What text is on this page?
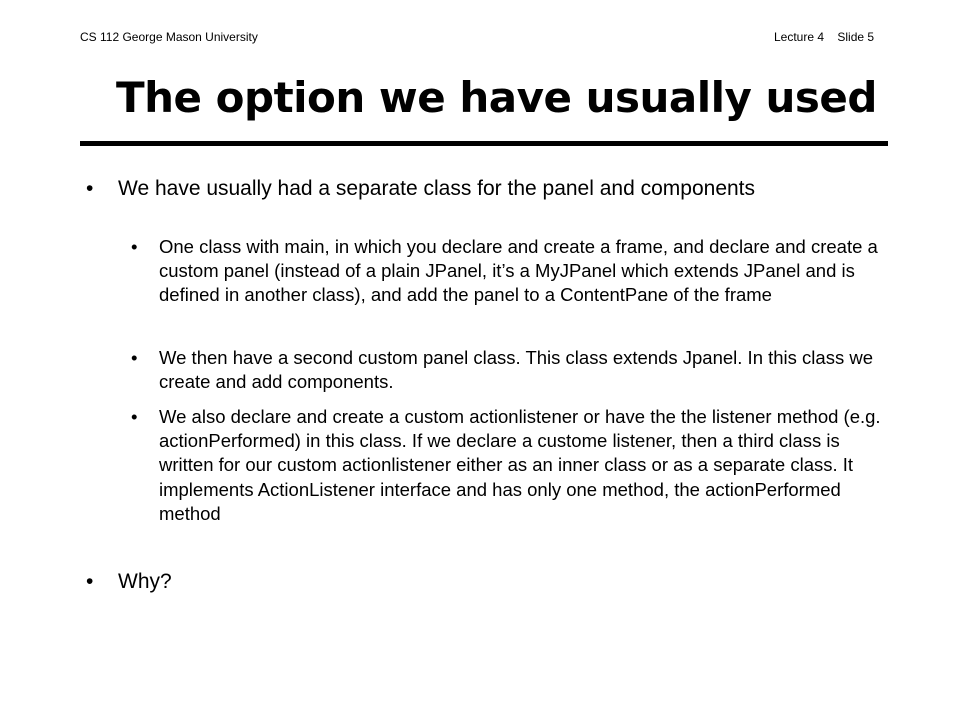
CS 112 George Mason University	Lecture 4 Slide 5
The option we have usually used

• We have usually had a separate class for the panel and components

• One class with main, in which you declare and create a frame, and declare and create a custom panel (instead of a plain JPanel, it’s a MyJPanel which extends JPanel and is defined in another class), and add the panel to a ContentPane of the frame

• We then have a second custom panel class. This class extends Jpanel. In this class we create and add components.

• We also declare and create a custom actionlistener or have the the listener method (e.g. actionPerformed) in this class. If we declare a custome listener, then a third class is written for our custom actionlistener either as an inner class or as a separate class. It implements ActionListener interface and has only one method, the actionPerformed method

• Why?
